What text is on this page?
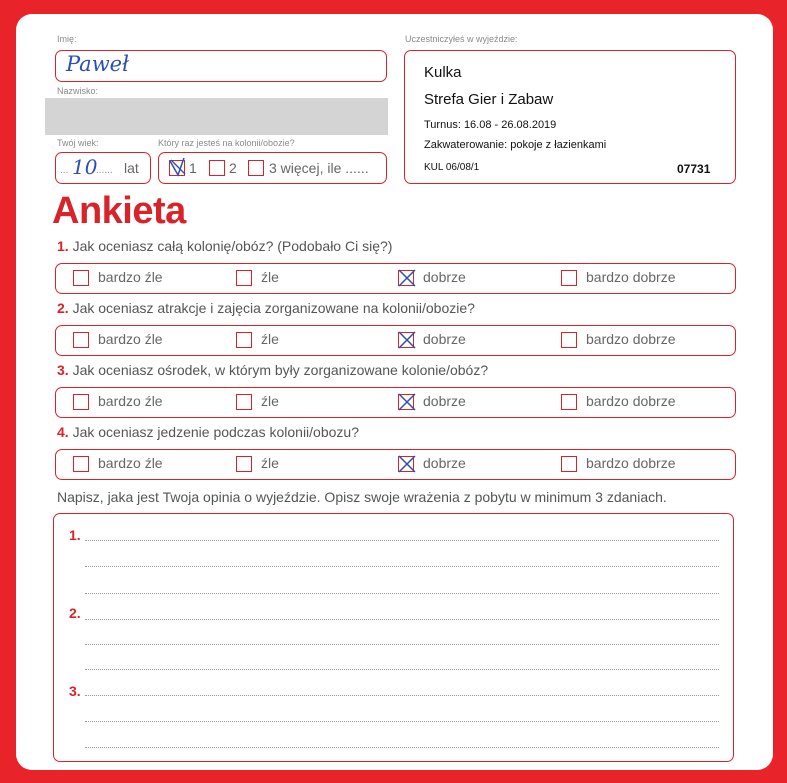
Imię:
Paweł
Nazwisko:
Twój wiek:
... 10
...... lat
Który raz jesteś na kolonii/obozie?
1 2 3 więcej, ile ......
Uczestniczyłeś w wyjeździe:
Kulka
Strefa Gier i Zabaw
Turnus: 16.08 - 26.08.2019
Zakwaterowanie: pokoje z łazienkami
KUL 06/08/1	07731
Ankieta
1. Jak oceniasz całą kolonię/obóz? (Podobało Ci się?)
bardzo źle	źle	dobrze	bardzo dobrze
2. Jak oceniasz atrakcje i zajęcia zorganizowane na kolonii/obozie?
bardzo źle	źle	dobrze	bardzo dobrze
3. Jak oceniasz ośrodek, w którym były zorganizowane kolonie/obóz?
bardzo źle	źle	dobrze	bardzo dobrze
4. Jak oceniasz jedzenie podczas kolonii/obozu?
bardzo źle	źle	dobrze	bardzo dobrze
Napisz, jaka jest Twoja opinia o wyjeździe. Opisz swoje wrażenia z pobytu w minimum 3 zdaniach.
1.
2.
3.
